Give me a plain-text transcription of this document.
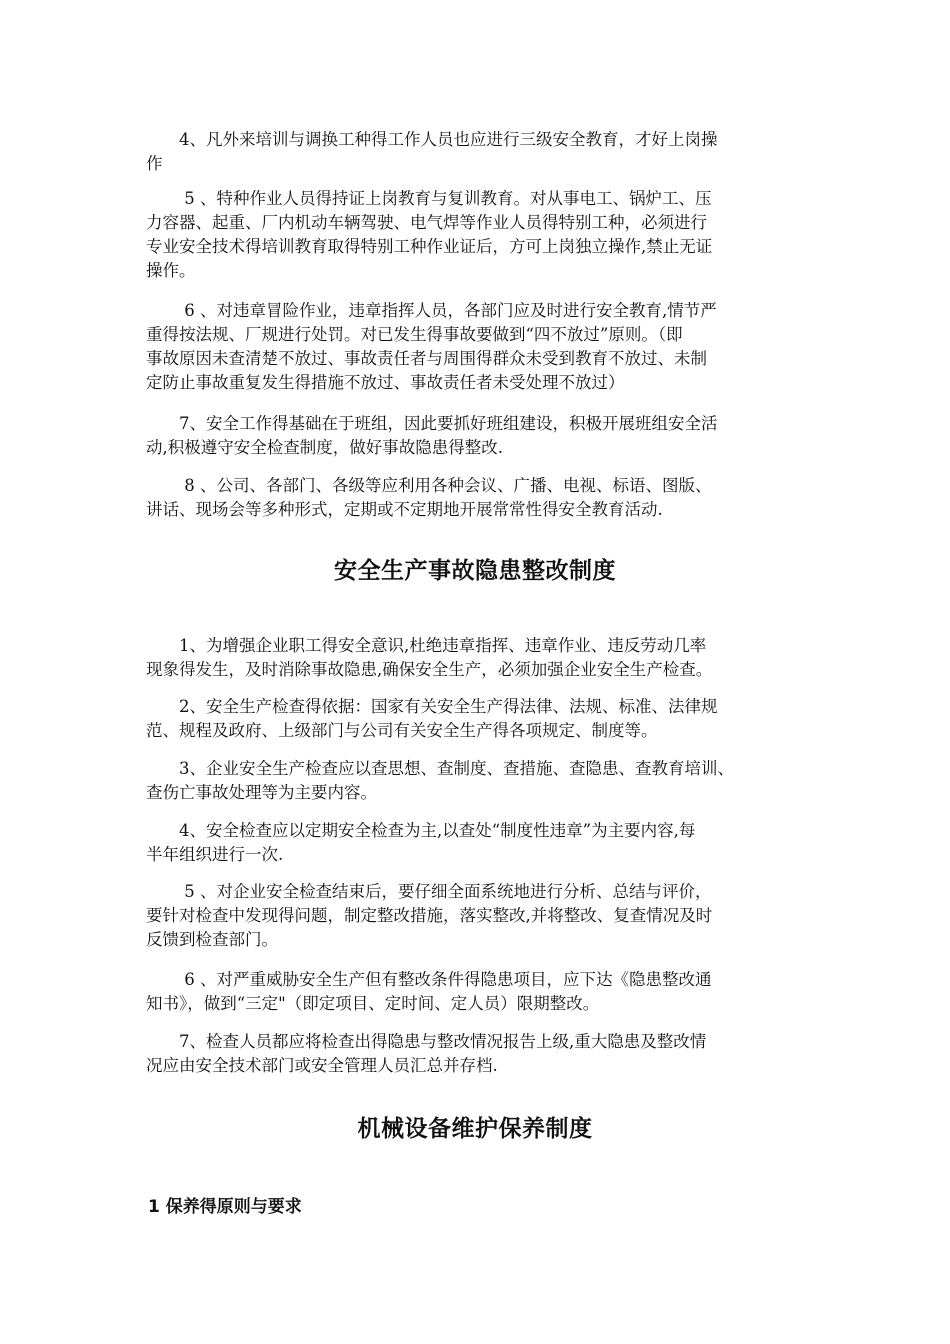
　　4、凡外来培训与调换工种得工作人员也应进行三级安全教育，才好上岗操
作
　　 5 、特种作业人员得持证上岗教育与复训教育。对从事电工、锅炉工、压
力容器、起重、厂内机动车辆驾驶、电气焊等作业人员得特别工种，必须进行
专业安全技术得培训教育取得特别工种作业证后，方可上岗独立操作,禁止无证
操作。
　　 6 、对违章冒险作业，违章指挥人员，各部门应及时进行安全教育,情节严
重得按法规、厂规进行处罚。对已发生得事故要做到“四不放过”原则。（即
事故原因未查清楚不放过、事故责任者与周围得群众未受到教育不放过、未制
定防止事故重复发生得措施不放过、事故责任者未受处理不放过）
　　7、安全工作得基础在于班组，因此要抓好班组建设，积极开展班组安全活
动,积极遵守安全检查制度，做好事故隐患得整改.
　　 8 、公司、各部门、各级等应利用各种会议、广播、电视、标语、图版、
讲话、现场会等多种形式，定期或不定期地开展常常性得安全教育活动.
安全生产事故隐患整改制度
　　1、为增强企业职工得安全意识,杜绝违章指挥、违章作业、违反劳动几率
现象得发生，及时消除事故隐患,确保安全生产，必须加强企业安全生产检查。
　　2、安全生产检查得依据：国家有关安全生产得法律、法规、标准、法律规
范、规程及政府、上级部门与公司有关安全生产得各项规定、制度等。
　　3、企业安全生产检查应以查思想、查制度、查措施、查隐患、查教育培训、
查伤亡事故处理等为主要内容。
　　4、安全检查应以定期安全检查为主,以查处“制度性违章”为主要内容,每
半年组织进行一次.
　　 5 、对企业安全检查结束后，要仔细全面系统地进行分析、总结与评价，
要针对检查中发现得问题，制定整改措施，落实整改,并将整改、复查情况及时
反馈到检查部门。
　　 6 、对严重威胁安全生产但有整改条件得隐患项目，应下达《隐患整改通
知书》，做到“三定"（即定项目、定时间、定人员）限期整改。
　　7、检查人员都应将检查出得隐患与整改情况报告上级,重大隐患及整改情
况应由安全技术部门或安全管理人员汇总并存档.
机械设备维护保养制度
1 保养得原则与要求
